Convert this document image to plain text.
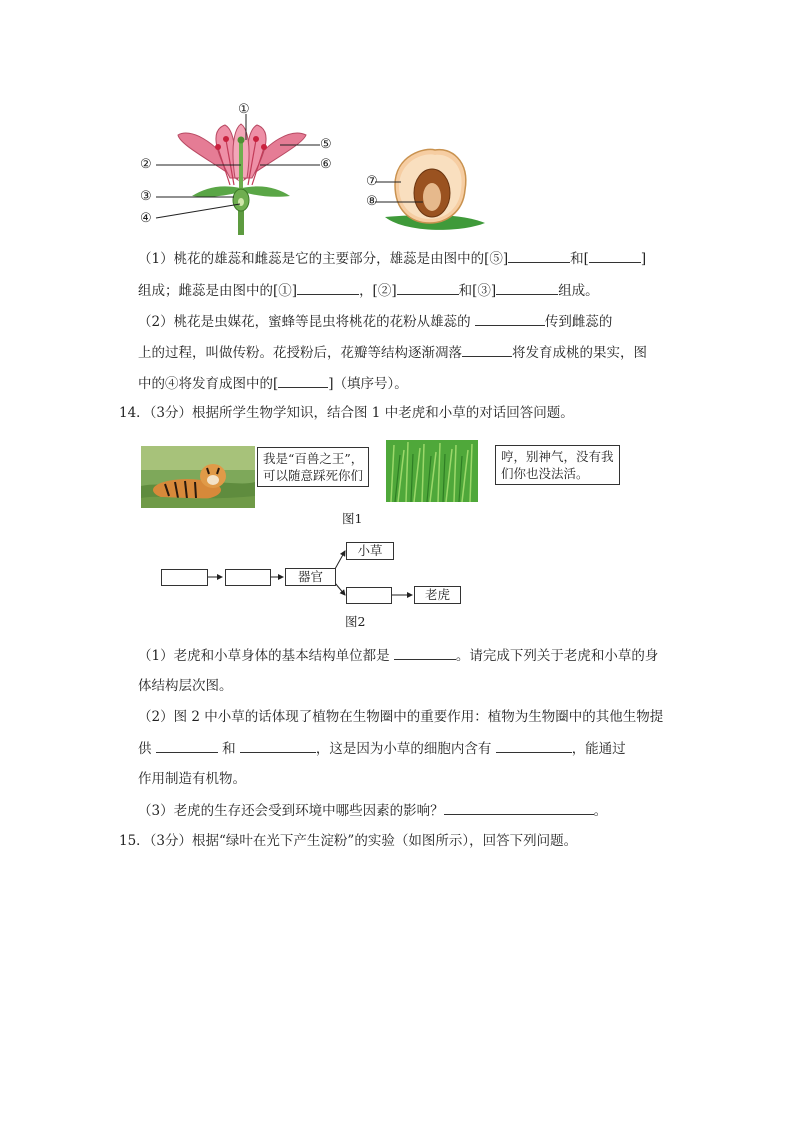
①
②
③
④
⑤
⑥
⑦
⑧
（1）桃花的雄蕊和雌蕊是它的主要部分，雄蕊是由图中的[⑤]	和[	]
组成；雌蕊是由图中的[①]	，[②]	和[③]	组成。
（2）桃花是虫媒花，蜜蜂等昆虫将桃花的花粉从雄蕊的	传到雌蕊的
上的过程，叫做传粉。花授粉后，花瓣等结构逐渐凋落	将发育成桃的果实，图
中的④将发育成图中的[	]（填序号）。
14．（3分）根据所学生物学知识，结合图 1 中老虎和小草的对话回答问题。
我是“百兽之王”，
可以随意踩死你们
哼，别神气，没有我
们你也没法活。
图1
器官
小草
老虎
图2
（1）老虎和小草身体的基本结构单位都是	。请完成下列关于老虎和小草的身
体结构层次图。
（2）图 2 中小草的话体现了植物在生物圈中的重要作用：植物为生物圈中的其他生物提
供	和	，这是因为小草的细胞内含有	，能通过
作用制造有机物。
（3）老虎的生存还会受到环境中哪些因素的影响？	。
15．（3分）根据“绿叶在光下产生淀粉”的实验（如图所示），回答下列问题。
